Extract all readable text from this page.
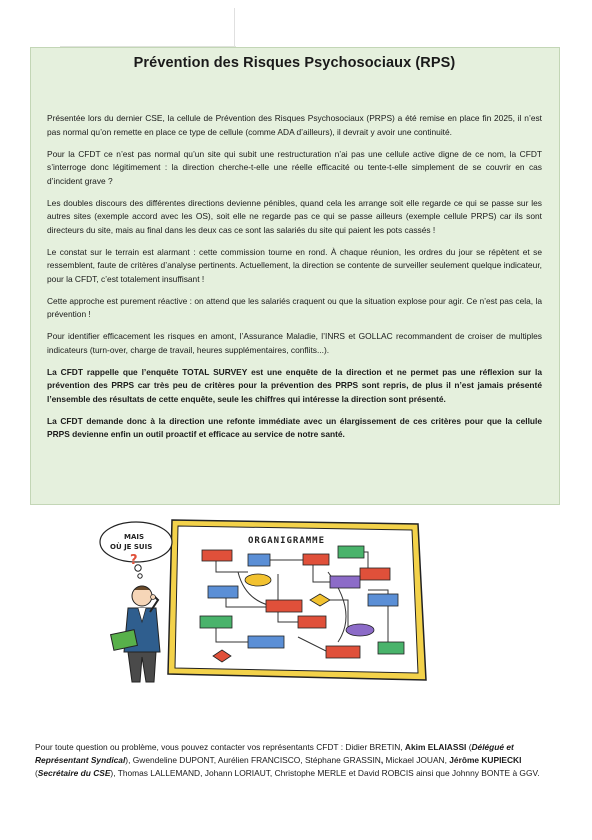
Prévention des Risques Psychosociaux (RPS)

Présentée lors du dernier CSE, la cellule de Prévention des Risques Psychosociaux (PRPS) a été remise en place fin 2025, il n’est pas normal qu’on remette en place ce type de cellule (comme ADA d’ailleurs), il devrait y avoir une continuité.

Pour la CFDT ce n’est pas normal qu’un site qui subit une restructuration n’ai pas une cellule active digne de ce nom, la CFDT s’interroge donc légitimement : la direction cherche-t-elle une réelle efficacité ou tente-t-elle simplement de se couvrir en cas d’incident grave ?

Les doubles discours des différentes directions devienne pénibles, quand cela les arrange soit elle regarde ce qui se passe sur les autres sites (exemple accord avec les OS), soit elle ne regarde pas ce qui se passe ailleurs (exemple cellule PRPS) car ils sont directeurs du site, mais au final dans les deux cas ce sont las salariés du site qui paient les pots cassés !

Le constat sur le terrain est alarmant : cette commission tourne en rond. À chaque réunion, les ordres du jour se répètent et se ressemblent, faute de critères d’analyse pertinents. Actuellement, la direction se contente de surveiller seulement quelque indicateur, pour la CFDT, c’est totalement insuffisant !

Cette approche est purement réactive : on attend que les salariés craquent ou que la situation explose pour agir. Ce n’est pas cela, la prévention !

Pour identifier efficacement les risques en amont, l’Assurance Maladie, l’INRS et GOLLAC recommandent de croiser de multiples indicateurs (turn-over, charge de travail, heures supplémentaires, conflits...).

La CFDT rappelle que l’enquête TOTAL SURVEY est une enquête de la direction et ne permet pas une réflexion sur la prévention des PRPS car très peu de critères pour la prévention des PRPS sont repris, de plus il n’est jamais présenté l’ensemble des résultats de cette enquête, seule les chiffres qui intéresse la direction sont présenté.

La CFDT demande donc à la direction une refonte immédiate avec un élargissement de ces critères pour que la cellule PRPS devienne enfin un outil proactif et efficace au service de notre santé.

ORGANIGRAMME
MAIS
OÙ JE SUIS
?
Pour toute question ou problème, vous pouvez contacter vos représentants CFDT : Didier BRETIN, Akim ELAIASSI (Délégué et Représentant Syndical), Gwendeline DUPONT, Aurélien FRANCISCO, Stéphane GRASSIN, Mickael JOUAN, Jérôme KUPIECKI (Secrétaire du CSE), Thomas LALLEMAND, Johann LORIAUT, Christophe MERLE et David ROBCIS ainsi que Johnny BONTE à GGV.
